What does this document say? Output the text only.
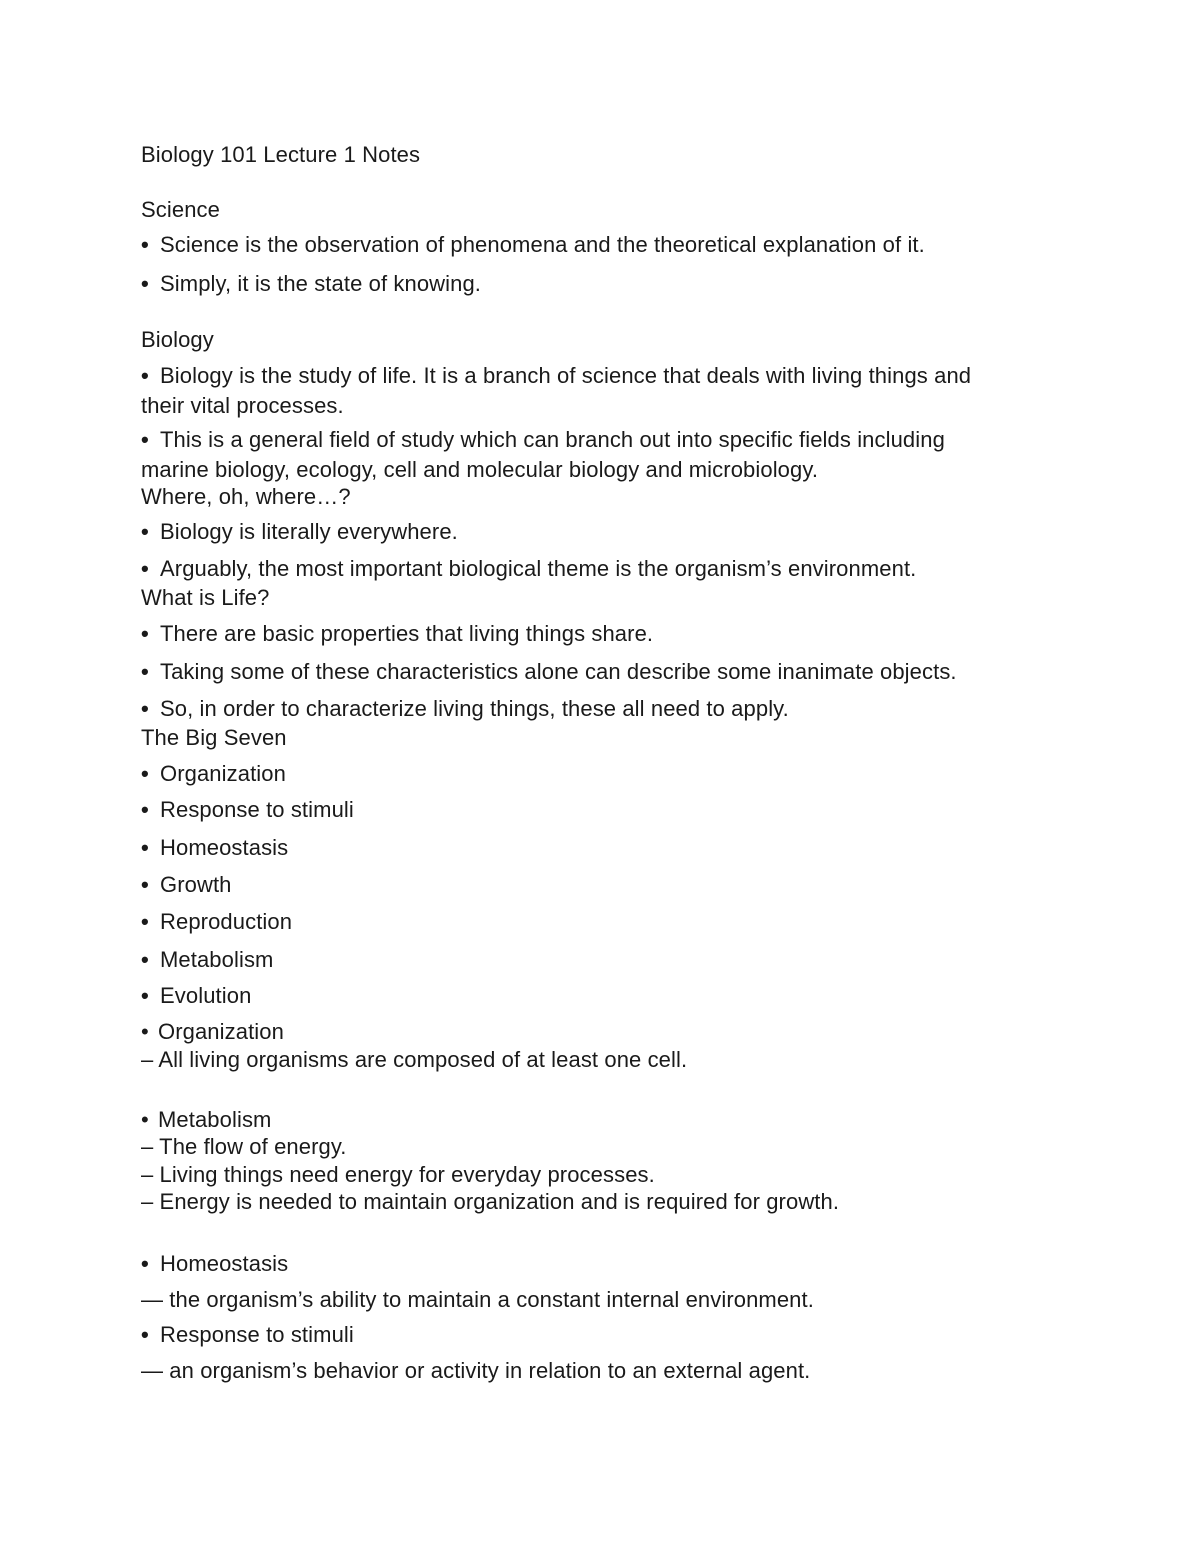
Biology 101 Lecture 1 Notes

Science

• Science is the observation of phenomena and the theoretical explanation of it.

• Simply, it is the state of knowing.

Biology

• Biology is the study of life. It is a branch of science that deals with living things and

their vital processes.

• This is a general field of study which can branch out into specific fields including

marine biology, ecology, cell and molecular biology and microbiology.

Where, oh, where…?

• Biology is literally everywhere.

• Arguably, the most important biological theme is the organism’s environment.

What is Life?

• There are basic properties that living things share.

• Taking some of these characteristics alone can describe some inanimate objects.

• So, in order to characterize living things, these all need to apply.

The Big Seven

• Organization

• Response to stimuli

• Homeostasis

• Growth

• Reproduction

• Metabolism

• Evolution

• Organization

– All living organisms are composed of at least one cell.

• Metabolism

– The flow of energy.

– Living things need energy for everyday processes.

– Energy is needed to maintain organization and is required for growth.

• Homeostasis

— the organism’s ability to maintain a constant internal environment.

• Response to stimuli

— an organism’s behavior or activity in relation to an external agent.
